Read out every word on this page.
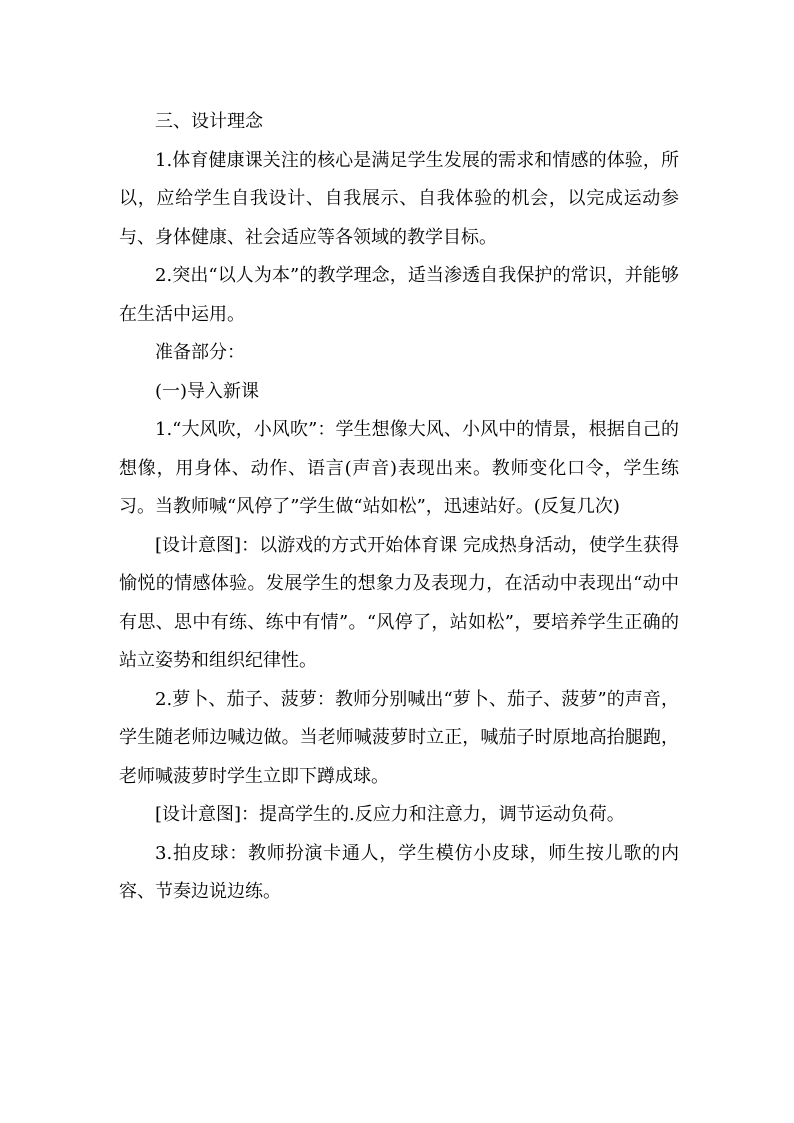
三、设计理念

1.体育健康课关注的核心是满足学生发展的需求和情感的体验，所以，应给学生自我设计、自我展示、自我体验的机会，以完成运动参与、身体健康、社会适应等各领域的教学目标。

2.突出“以人为本”的教学理念，适当渗透自我保护的常识，并能够在生活中运用。

准备部分：

(一)导入新课

1.“大风吹，小风吹”：学生想像大风、小风中的情景，根据自己的想像，用身体、动作、语言(声音)表现出来。教师变化口令，学生练习。当教师喊“风停了”学生做“站如松”，迅速站好。(反复几次)

[设计意图]：以游戏的方式开始体育课 完成热身活动，使学生获得愉悦的情感体验。发展学生的想象力及表现力，在活动中表现出“动中有思、思中有练、练中有情”。“风停了，站如松”，要培养学生正确的站立姿势和组织纪律性。

2.萝卜、茄子、菠萝：教师分别喊出“萝卜、茄子、菠萝”的声音，学生随老师边喊边做。当老师喊菠萝时立正，喊茄子时原地高抬腿跑，老师喊菠萝时学生立即下蹲成球。

[设计意图]：提高学生的.反应力和注意力，调节运动负荷。

3.拍皮球：教师扮演卡通人，学生模仿小皮球，师生按儿歌的内容、节奏边说边练。
